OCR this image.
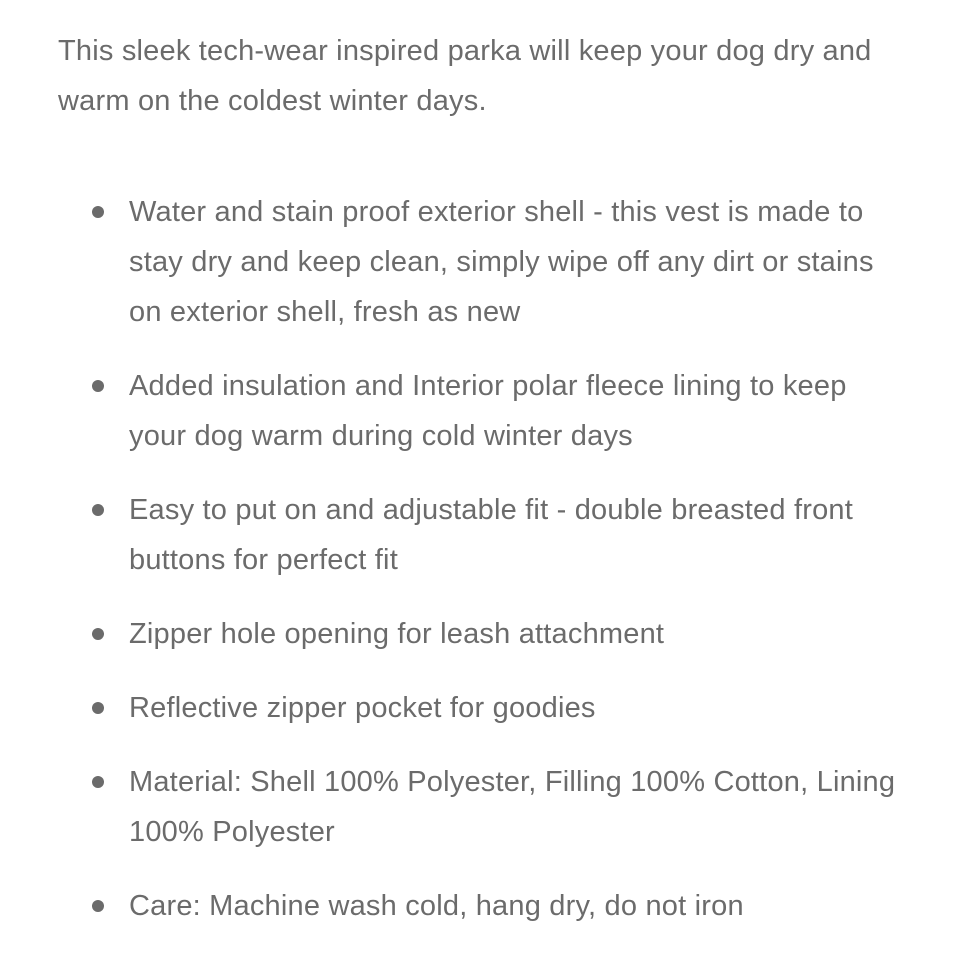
This sleek tech-wear inspired parka will keep your dog dry and warm on the coldest winter days.

Water and stain proof exterior shell - this vest is made to stay dry and keep clean, simply wipe off any dirt or stains on exterior shell, fresh as new
Added insulation and Interior polar fleece lining to keep your dog warm during cold winter days
Easy to put on and adjustable fit - double breasted front buttons for perfect fit
Zipper hole opening for leash attachment
Reflective zipper pocket for goodies
Material: Shell 100% Polyester, Filling 100% Cotton, Lining 100% Polyester
Care: Machine wash cold, hang dry, do not iron
